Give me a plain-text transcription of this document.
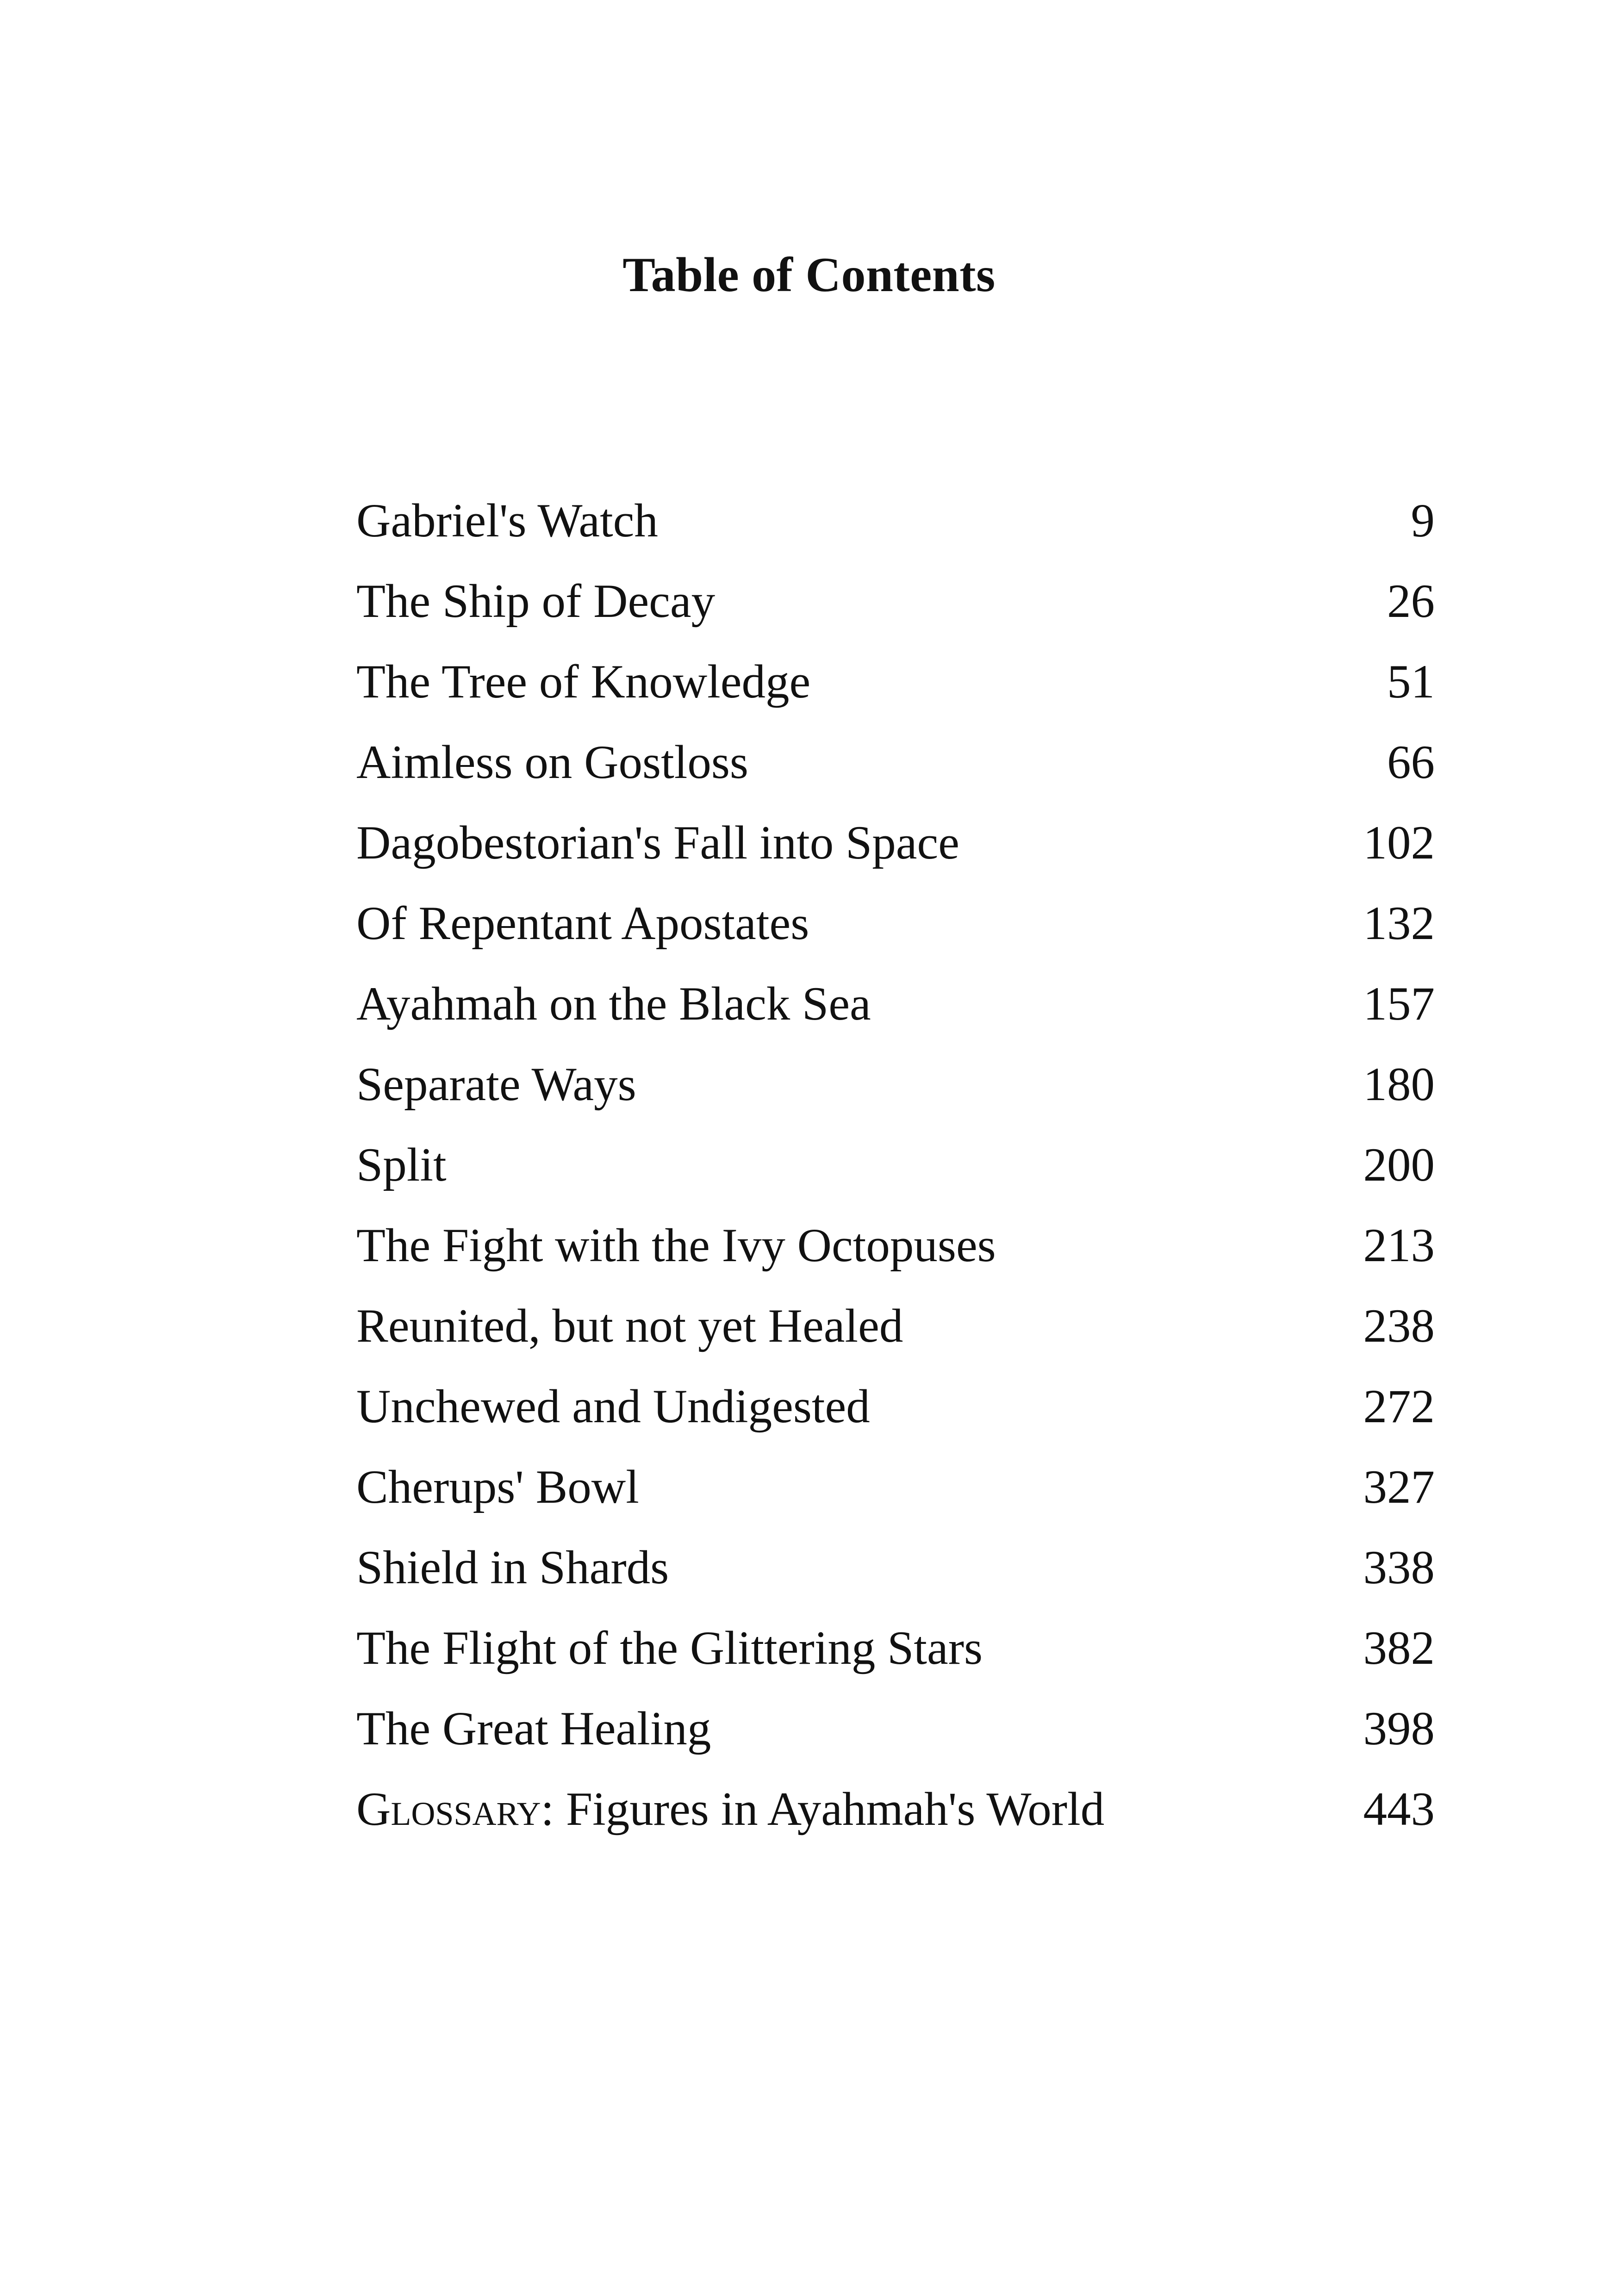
Table of Contents
Gabriel's Watch	9
The Ship of Decay	26
The Tree of Knowledge	51
Aimless on Gostloss	66
Dagobestorian's Fall into Space	102
Of Repentant Apostates	132
Ayahmah on the Black Sea	157
Separate Ways	180
Split	200
The Fight with the Ivy Octopuses	213
Reunited, but not yet Healed	238
Unchewed and Undigested	272
Cherups' Bowl	327
Shield in Shards	338
The Flight of the Glittering Stars	382
The Great Healing	398
Glossary: Figures in Ayahmah's World	443
